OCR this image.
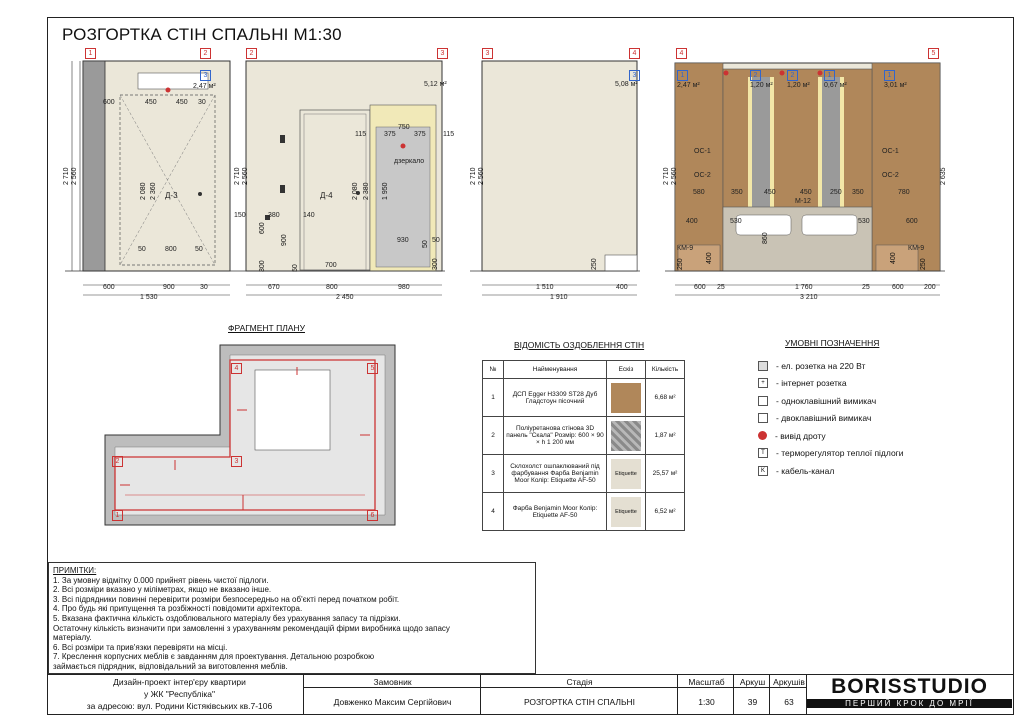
РОЗГОРТКА СТІН СПАЛЬНІ М1:30
1	2
2,47 м²
3
Д-3
600	450	450 30
600	900	30
1 530
2 710 2 560
2 080 2 360
50	800	50
2	3
5,12 м²
Д-4
750
375	375
115	115
дзеркало
1 950
930	50
700
2 080 2 380
380	140
150
600
900
300	50
50
300
670	800	980
2 450
2 710 2 560
3	4
5,08 м²
3
250
1 510	400
1 910
2 710 2 560
4	5
1	2	2	1	1
2,47 м²	1,20 м² 1,20 м² 0,67 м²	3,01 м²
ОС-1
ОС-2
ОС-1
ОС-2
М-12
КМ-9	КМ-9
580	350	450	450	250 350	780
400	530	530	600
860
400	400
250	250
600 25	1 760	25	600	200
3 210
2 710 2 560	2 635
ФРАГМЕНТ ПЛАНУ
4	5
2	3
1	6
ВІДОМІСТЬ ОЗДОБЛЕННЯ СТІН
№	Найменування	Ескіз	Кількість
1	ДСП Egger H3309 ST28 Дуб Гладстоун пісочний		6,68 м²
2	Поліуретанова стінова 3D панель "Скала" Розмір: 600 × 90 × h 1 200 мм		1,87 м²
3	Склохолст ошпаклюваний під фарбування Фарба Benjamin Moor Колір: Etiquette AF-50	Etiquette	25,57 м²
4	Фарба Benjamin Moor Колір: Etiquette AF-50	Etiquette	6,52 м²
УМОВНІ ПОЗНАЧЕННЯ
- ел. розетка на 220 Вт
+	- інтернет розетка
- одноклавішний вимикач
- двоклавішний вимикач
- вивід дроту
T	- терморегулятор теплої підлоги
K	- кабель-канал
ПРИМІТКИ:
1. За умовну відмітку 0.000 прийнят рівень чистої підлоги.
2. Всі розміри вказано у міліметрах, якщо не вказано інше.
3. Всі підрядники повинні перевірити розміри безпосередньо на об'єкті перед початком робіт.
4. Про будь які припущення та розбіжності повідомити архітектора.
5. Вказана фактична кількість оздоблювального матеріалу без урахування запасу та підрізки.
Остаточну кількість визначити при замовленні з урахуванням рекомендацій фірми виробника щодо запасу
матеріалу.
6. Всі розміри та прив'язки перевіряти на місці.
7. Креслення корпусних меблів є завданням для проектування. Детальною розробкою
займається підрядник, відповідальний за виготовлення меблів.
Дизайн-проект інтер'єру квартири
у ЖК "Республіка"
за адресою: вул. Родини Кістяківських кв.7-106
Замовник
Довженко Максим Сергійович
Стадія
РОЗГОРТКА СТІН СПАЛЬНІ
Масштаб
1:30
Аркуш
39
Аркушів
63
BORISSTUDIO
ПЕРШИЙ КРОК ДО МРІЇ
